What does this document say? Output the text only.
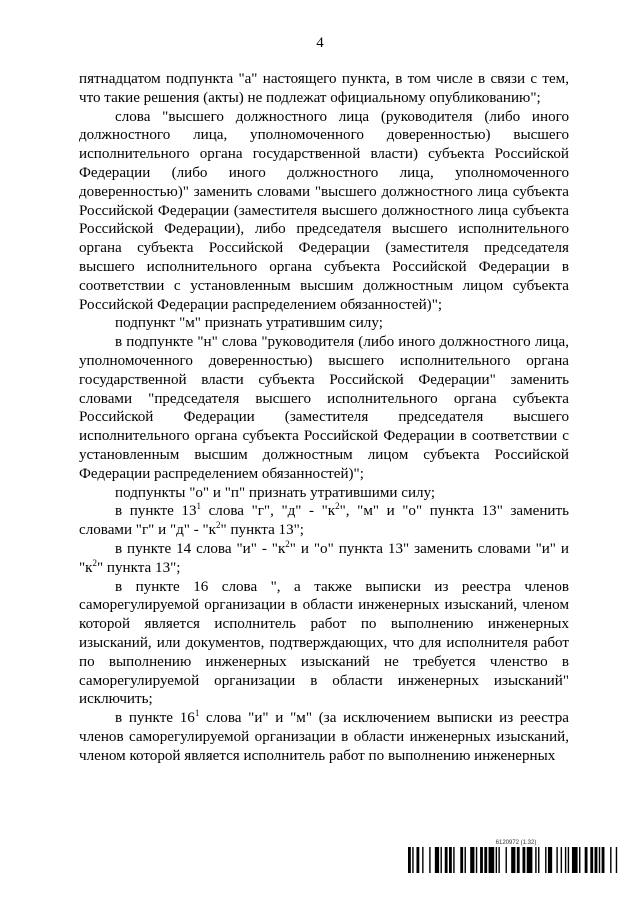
4

пятнадцатом подпункта "а" настоящего пункта, в том числе в связи с тем, что такие решения (акты) не подлежат официальному опубликованию";

слова "высшего должностного лица (руководителя (либо иного должностного лица, уполномоченного доверенностью) высшего исполнительного органа государственной власти) субъекта Российской Федерации (либо иного должностного лица, уполномоченного доверенностью)" заменить словами "высшего должностного лица субъекта Российской Федерации (заместителя высшего должностного лица субъекта Российской Федерации), либо председателя высшего исполнительного органа субъекта Российской Федерации (заместителя председателя высшего исполнительного органа субъекта Российской Федерации в соответствии с установленным высшим должностным лицом субъекта Российской Федерации распределением обязанностей)";

подпункт "м" признать утратившим силу;

в подпункте "н" слова "руководителя (либо иного должностного лица, уполномоченного доверенностью) высшего исполнительного органа государственной власти субъекта Российской Федерации" заменить словами "председателя высшего исполнительного органа субъекта Российской Федерации (заместителя председателя высшего исполнительного органа субъекта Российской Федерации в соответствии с установленным высшим должностным лицом субъекта Российской Федерации распределением обязанностей)";

подпункты "о" и "п" признать утратившими силу;

в пункте $13^1$ слова "г", "д" - "$к^2$", "м" и "о" пункта 13" заменить словами "г" и "д" - "$к^2$" пункта 13";

в пункте 14 слова "и" - "$к^2$" и "о" пункта 13" заменить словами "и" и "$к^2$" пункта 13";

в пункте 16 слова ", а также выписки из реестра членов саморегулируемой организации в области инженерных изысканий, членом которой является исполнитель работ по выполнению инженерных изысканий, или документов, подтверждающих, что для исполнителя работ по выполнению инженерных изысканий не требуется членство в саморегулируемой организации в области инженерных изысканий" исключить;

в пункте $16^1$ слова "и" и "м" (за исключением выписки из реестра членов саморегулируемой организации в области инженерных изысканий, членом которой является исполнитель работ по выполнению инженерных

6120972 (1.32)
